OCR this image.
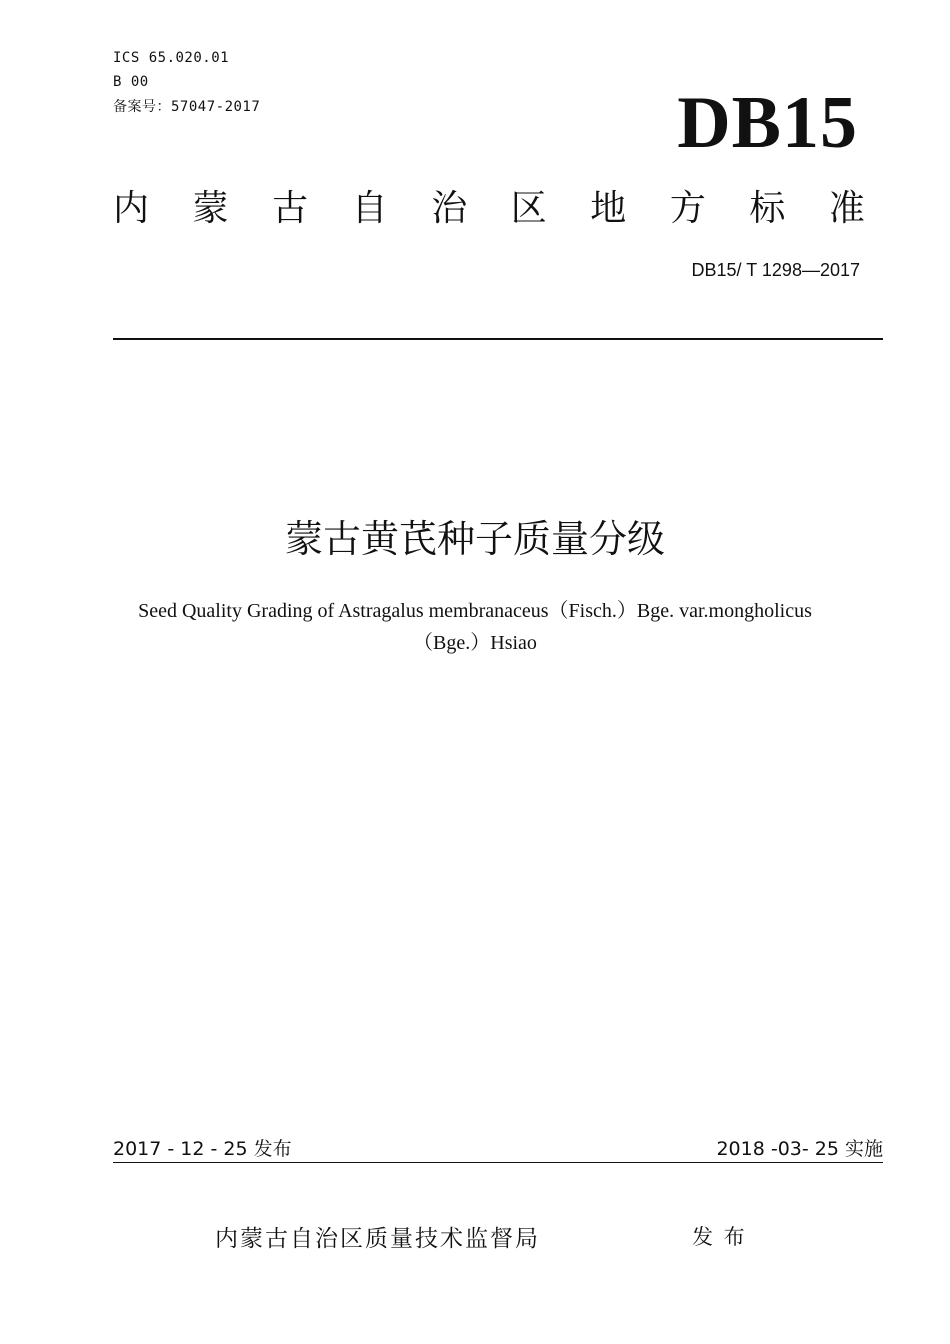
ICS 65.020.01
B 00
备案号：57047-2017	DB15
内 蒙 古 自 治 区 地 方 标 准
DB15/ T 1298—2017
蒙古黄芪种子质量分级
Seed Quality Grading of Astragalus membranaceus（Fisch.）Bge. var.mongholicus
（Bge.）Hsiao
2017 - 12 - 25 发布	2018 -03- 25 实施
内蒙古自治区质量技术监督局	发 布
